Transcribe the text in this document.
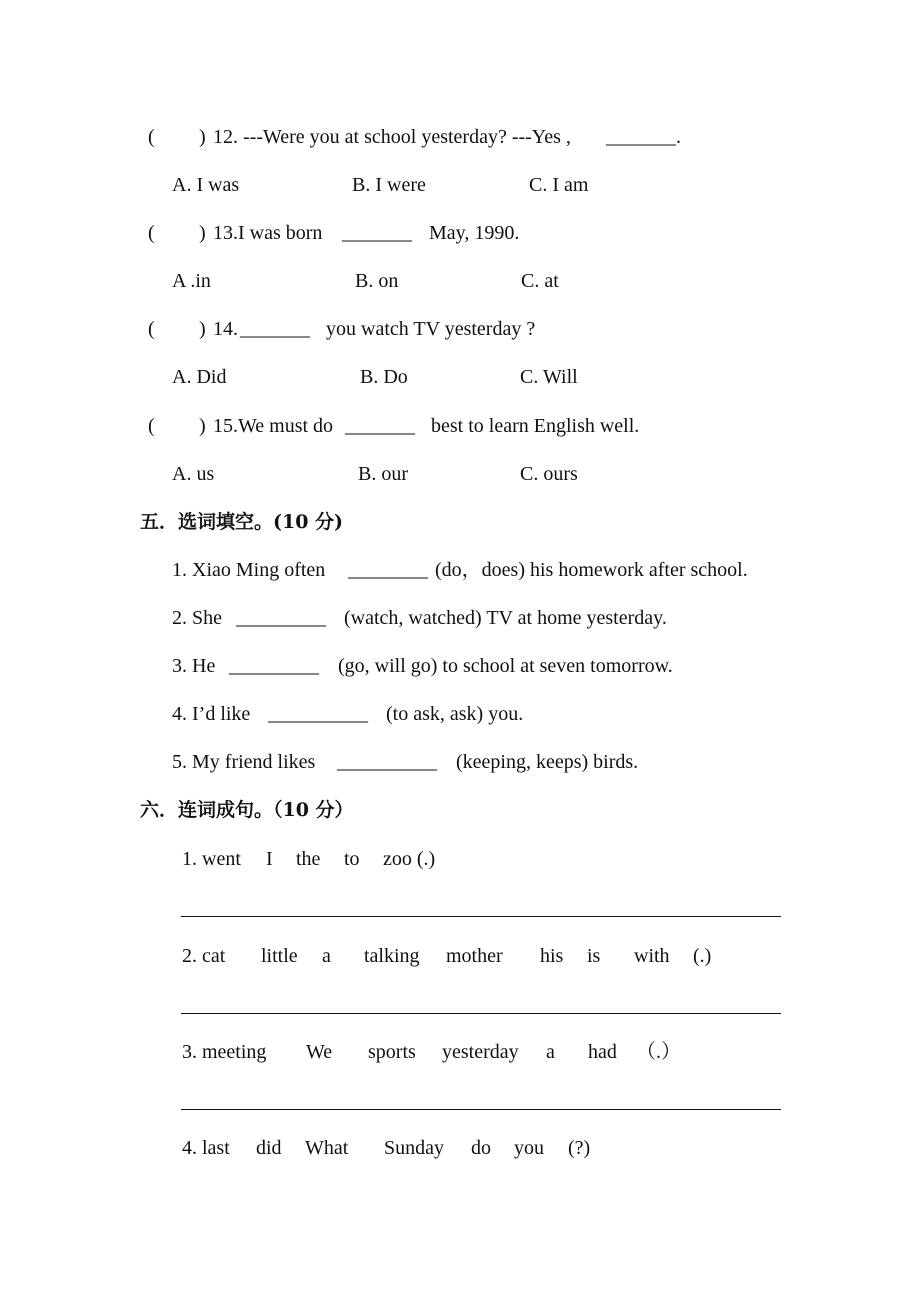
( ) 12. ---Were you at school yesterday? ---Yes , _______.
A. I was	B. I were	C. I am
( ) 13.I was born _______ May, 1990.
A .in	B. on	C. at
( ) 14. _______ you watch TV yesterday ?
A. Did	B. Do	C. Will
( ) 15.We must do _______ best to learn English well.
A. us	B. our	C. ours
五．选词填空。(10 分)
1. Xiao Ming often ________ (do，does) his homework after school.
2. She _________ (watch, watched) TV at home yesterday.
3. He _________ (go, will go) to school at seven tomorrow.
4. I’d like __________ (to ask, ask) you.
5. My friend likes __________ (keeping, keeps) birds.
六．连词成句。（10 分）
1. went I the to zoo (.)
2. cat little a talking mother his is with (.)
3. meeting We sports yesterday a had （.）
4. last did What Sunday do you (?)
